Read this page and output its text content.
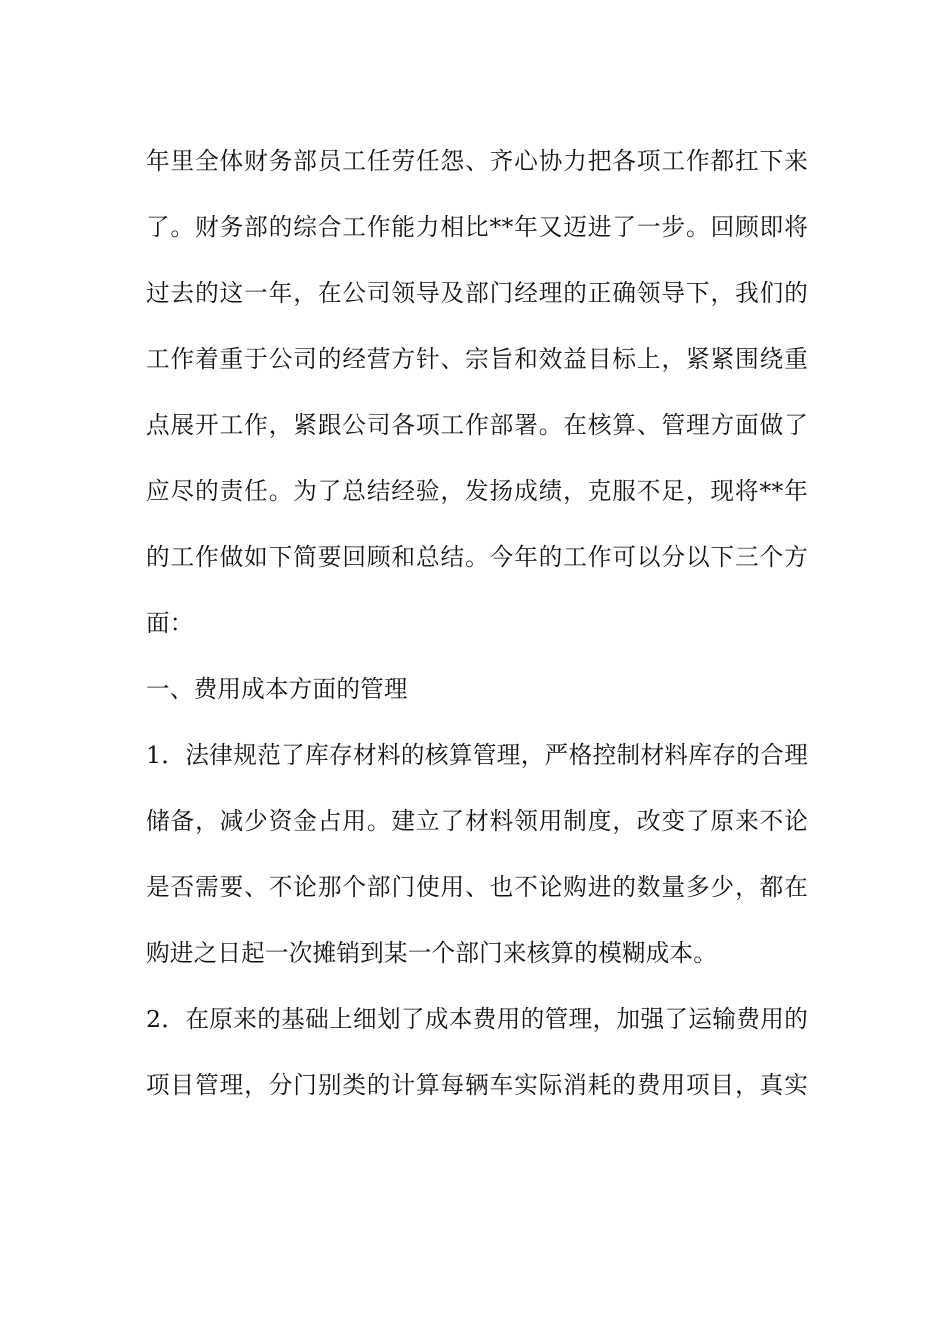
年里全体财务部员工任劳任怨、齐心协力把各项工作都扛下来
了。财务部的综合工作能力相比**年又迈进了一步。回顾即将
过去的这一年，在公司领导及部门经理的正确领导下，我们的
工作着重于公司的经营方针、宗旨和效益目标上，紧紧围绕重
点展开工作，紧跟公司各项工作部署。在核算、管理方面做了
应尽的责任。为了总结经验，发扬成绩，克服不足，现将**年
的工作做如下简要回顾和总结。今年的工作可以分以下三个方
面：
一、费用成本方面的管理
1．法律规范了库存材料的核算管理，严格控制材料库存的合理
储备，减少资金占用。建立了材料领用制度，改变了原来不论
是否需要、不论那个部门使用、也不论购进的数量多少，都在
购进之日起一次摊销到某一个部门来核算的模糊成本。
2．在原来的基础上细划了成本费用的管理，加强了运输费用的
项目管理，分门别类的计算每辆车实际消耗的费用项目，真实
